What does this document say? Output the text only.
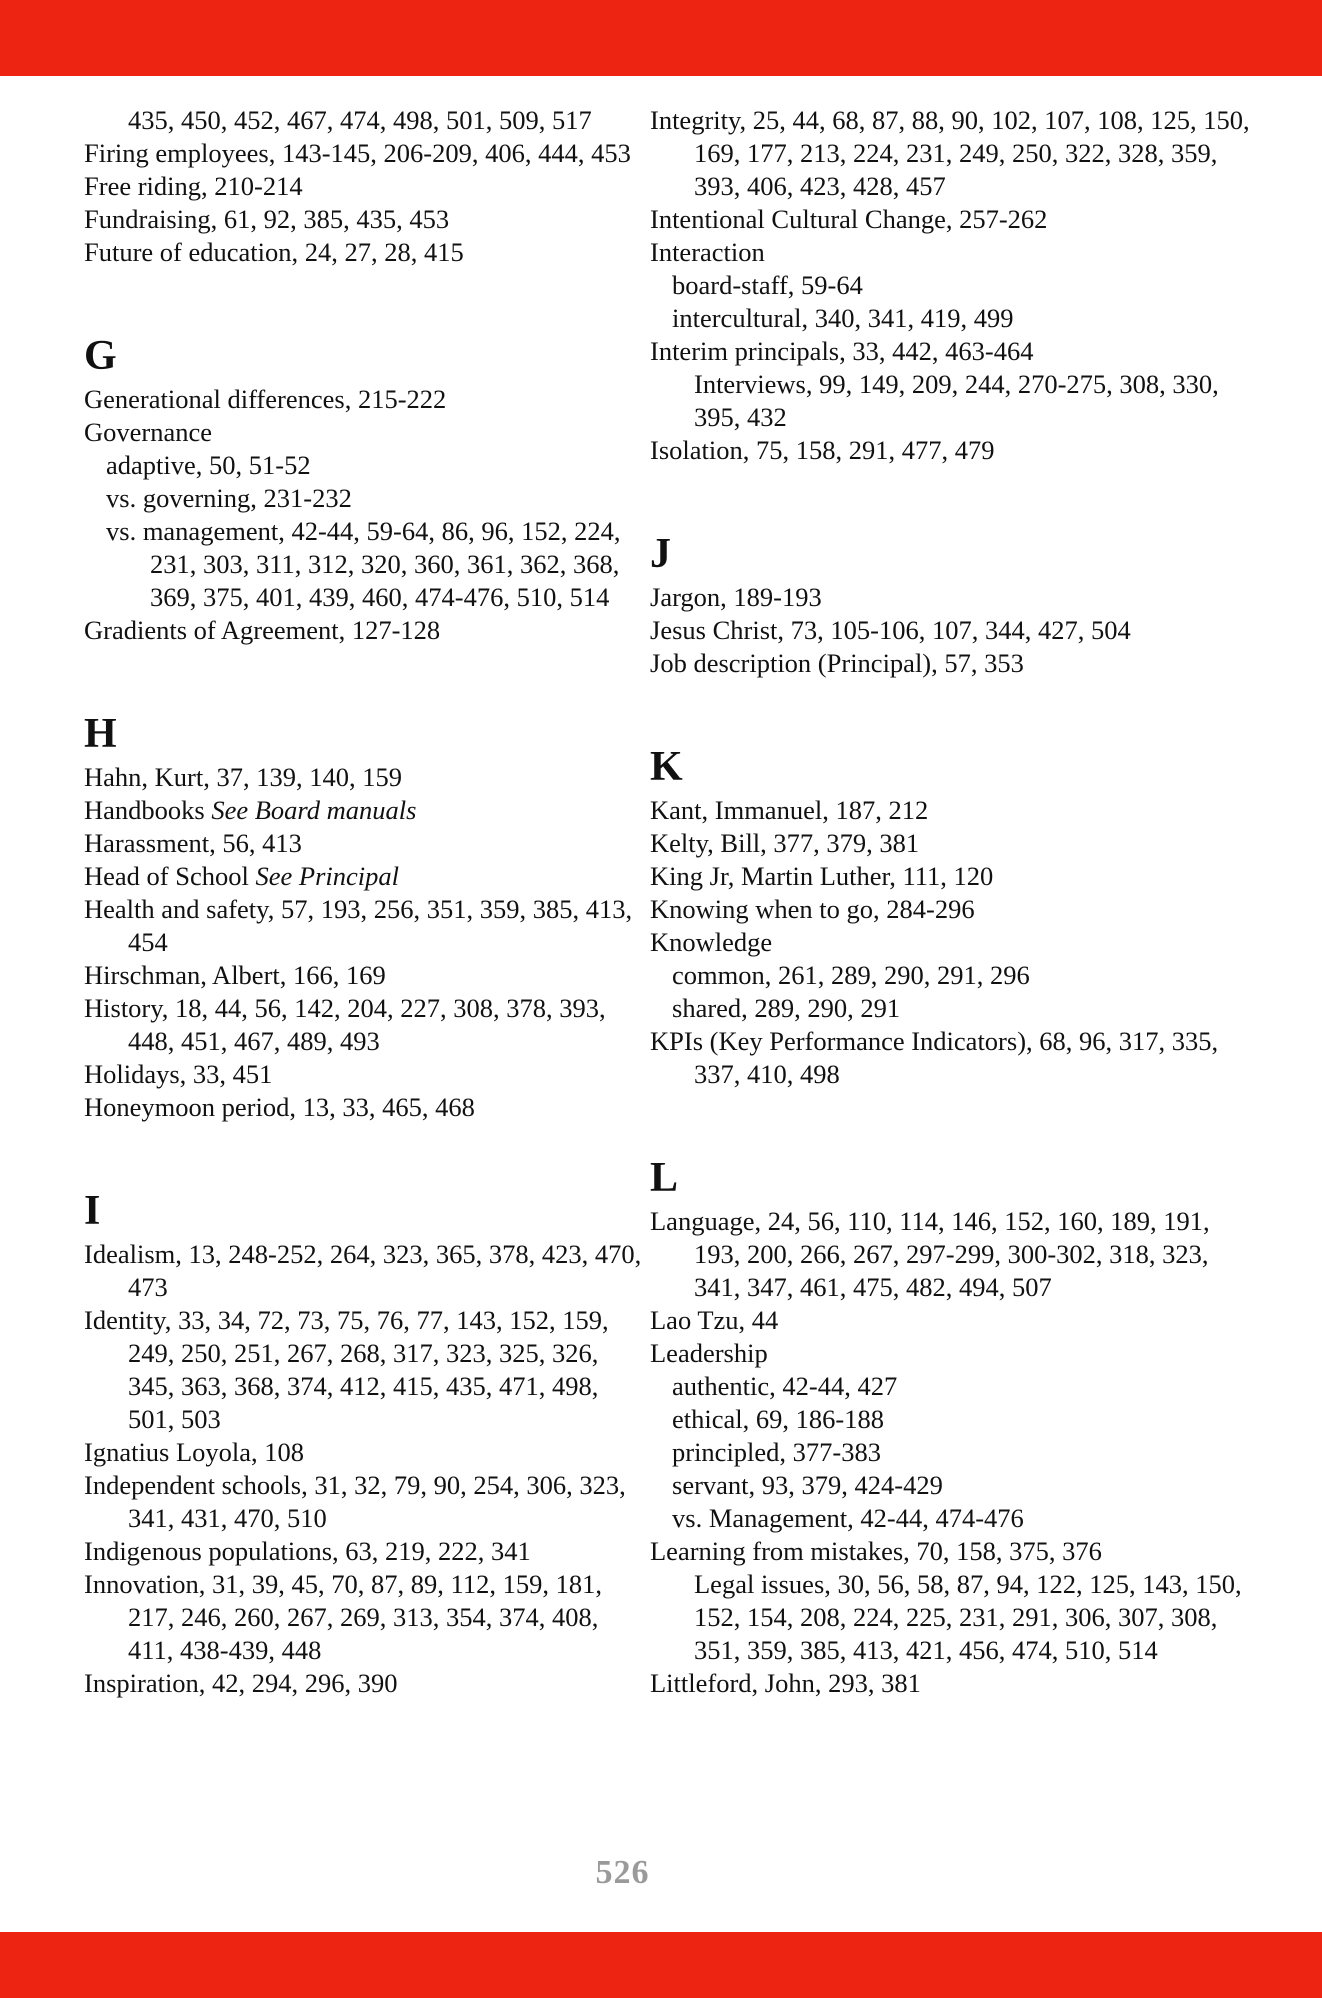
435, 450, 452, 467, 474, 498, 501, 509, 517
Firing employees, 143-145, 206-209, 406, 444, 453
Free riding, 210-214
Fundraising, 61, 92, 385, 435, 453
Future of education, 24, 27, 28, 415
G
Generational differences, 215-222
Governance
adaptive, 50, 51-52
vs. governing, 231-232
vs. management, 42-44, 59-64, 86, 96, 152, 224, 231, 303, 311, 312, 320, 360, 361, 362, 368, 369, 375, 401, 439, 460, 474-476, 510, 514
Gradients of Agreement, 127-128
H
Hahn, Kurt, 37, 139, 140, 159
Handbooks See Board manuals
Harassment, 56, 413
Head of School See Principal
Health and safety, 57, 193, 256, 351, 359, 385, 413, 454
Hirschman, Albert, 166, 169
History, 18, 44, 56, 142, 204, 227, 308, 378, 393, 448, 451, 467, 489, 493
Holidays, 33, 451
Honeymoon period, 13, 33, 465, 468
I
Idealism, 13, 248-252, 264, 323, 365, 378, 423, 470, 473
Identity, 33, 34, 72, 73, 75, 76, 77, 143, 152, 159, 249, 250, 251, 267, 268, 317, 323, 325, 326, 345, 363, 368, 374, 412, 415, 435, 471, 498, 501, 503
Ignatius Loyola, 108
Independent schools, 31, 32, 79, 90, 254, 306, 323, 341, 431, 470, 510
Indigenous populations, 63, 219, 222, 341
Innovation, 31, 39, 45, 70, 87, 89, 112, 159, 181, 217, 246, 260, 267, 269, 313, 354, 374, 408, 411, 438-439, 448
Inspiration, 42, 294, 296, 390
Integrity, 25, 44, 68, 87, 88, 90, 102, 107, 108, 125, 150, 169, 177, 213, 224, 231, 249, 250, 322, 328, 359, 393, 406, 423, 428, 457
Intentional Cultural Change, 257-262
Interaction
board-staff, 59-64
intercultural, 340, 341, 419, 499
Interim principals, 33, 442, 463-464
Interviews, 99, 149, 209, 244, 270-275, 308, 330, 395, 432
Isolation, 75, 158, 291, 477, 479
J
Jargon, 189-193
Jesus Christ, 73, 105-106, 107, 344, 427, 504
Job description (Principal), 57, 353
K
Kant, Immanuel, 187, 212
Kelty, Bill, 377, 379, 381
King Jr, Martin Luther, 111, 120
Knowing when to go, 284-296
Knowledge
common, 261, 289, 290, 291, 296
shared, 289, 290, 291
KPIs (Key Performance Indicators), 68, 96, 317, 335, 337, 410, 498
L
Language, 24, 56, 110, 114, 146, 152, 160, 189, 191, 193, 200, 266, 267, 297-299, 300-302, 318, 323, 341, 347, 461, 475, 482, 494, 507
Lao Tzu, 44
Leadership
authentic, 42-44, 427
ethical, 69, 186-188
principled, 377-383
servant, 93, 379, 424-429
vs. Management, 42-44, 474-476
Learning from mistakes, 70, 158, 375, 376
Legal issues, 30, 56, 58, 87, 94, 122, 125, 143, 150, 152, 154, 208, 224, 225, 231, 291, 306, 307, 308, 351, 359, 385, 413, 421, 456, 474, 510, 514
Littleford, John, 293, 381
526
